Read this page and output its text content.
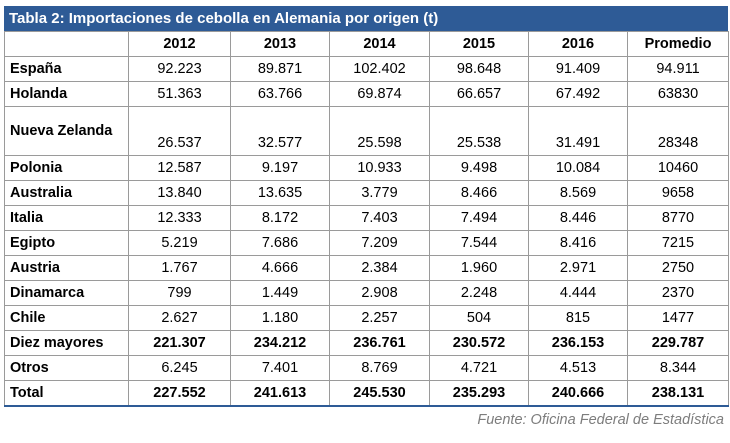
Tabla 2: Importaciones de cebolla en Alemania por origen (t)
	2012	2013	2014	2015	2016	Promedio
España	92.223	89.871	102.402	98.648	91.409	94.911
Holanda	51.363	63.766	69.874	66.657	67.492	63830
Nueva Zelanda	26.537	32.577	25.598	25.538	31.491	28348
Polonia	12.587	9.197	10.933	9.498	10.084	10460
Australia	13.840	13.635	3.779	8.466	8.569	9658
Italia	12.333	8.172	7.403	7.494	8.446	8770
Egipto	5.219	7.686	7.209	7.544	8.416	7215
Austria	1.767	4.666	2.384	1.960	2.971	2750
Dinamarca	799	1.449	2.908	2.248	4.444	2370
Chile	2.627	1.180	2.257	504	815	1477
Diez mayores	221.307	234.212	236.761	230.572	236.153	229.787
Otros	6.245	7.401	8.769	4.721	4.513	8.344
Total	227.552	241.613	245.530	235.293	240.666	238.131
Fuente: Oficina Federal de Estadística
